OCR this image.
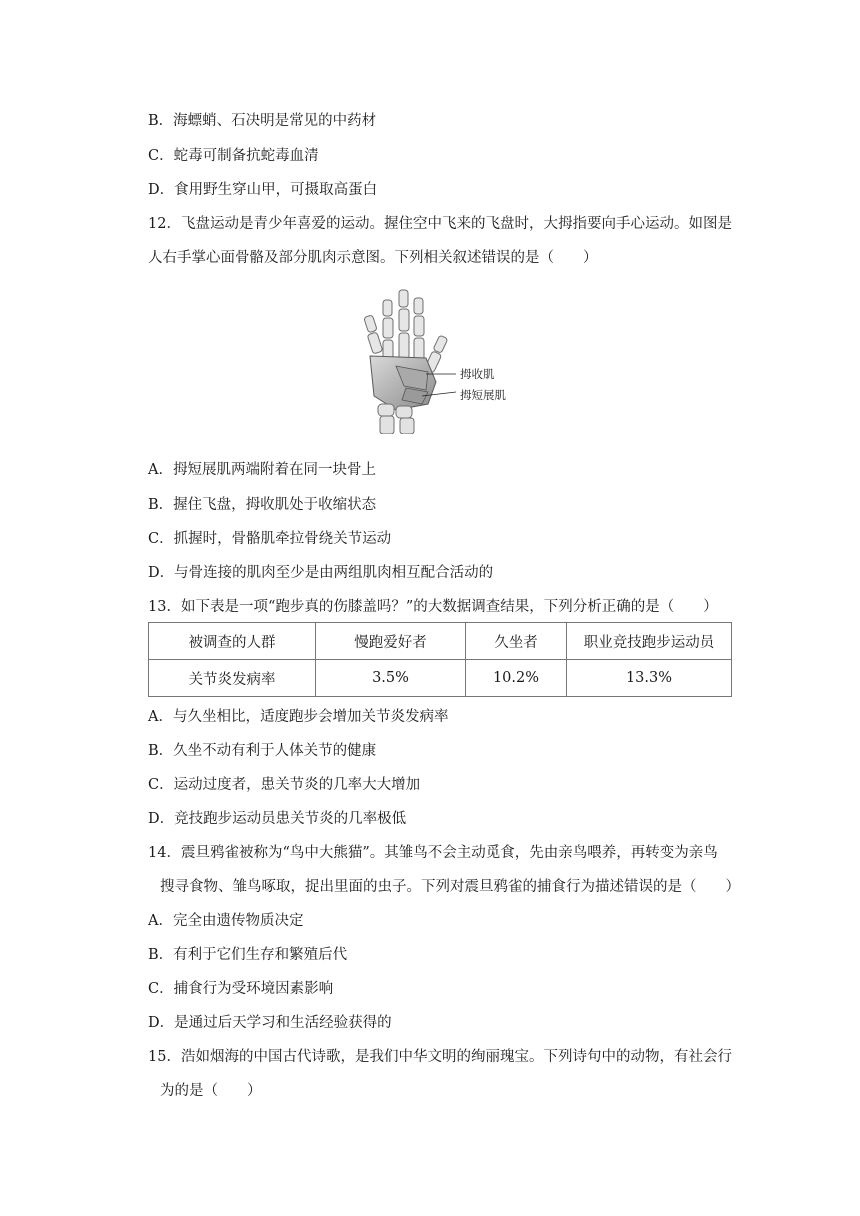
B．海螵蛸、石决明是常见的中药材
C．蛇毒可制备抗蛇毒血清
D．食用野生穿山甲，可摄取高蛋白
12．飞盘运动是青少年喜爱的运动。握住空中飞来的飞盘时，大拇指要向手心运动。如图是
人右手掌心面骨骼及部分肌肉示意图。下列相关叙述错误的是（　　）
拇收肌
拇短展肌
A．拇短展肌两端附着在同一块骨上
B．握住飞盘，拇收肌处于收缩状态
C．抓握时，骨骼肌牵拉骨绕关节运动
D．与骨连接的肌肉至少是由两组肌肉相互配合活动的
13．如下表是一项“跑步真的伤膝盖吗？”的大数据调查结果，下列分析正确的是（　　）
被调查的人群	慢跑爱好者	久坐者	职业竞技跑步运动员
关节炎发病率	3.5%	10.2%	13.3%
A．与久坐相比，适度跑步会增加关节炎发病率
B．久坐不动有利于人体关节的健康
C．运动过度者，患关节炎的几率大大增加
D．竞技跑步运动员患关节炎的几率极低
14．震旦鸦雀被称为“鸟中大熊猫”。其雏鸟不会主动觅食，先由亲鸟喂养，再转变为亲鸟
搜寻食物、雏鸟啄取，捉出里面的虫子。下列对震旦鸦雀的捕食行为描述错误的是（　　）
A．完全由遗传物质决定
B．有利于它们生存和繁殖后代
C．捕食行为受环境因素影响
D．是通过后天学习和生活经验获得的
15．浩如烟海的中国古代诗歌，是我们中华文明的绚丽瑰宝。下列诗句中的动物，有社会行
为的是（　　）
